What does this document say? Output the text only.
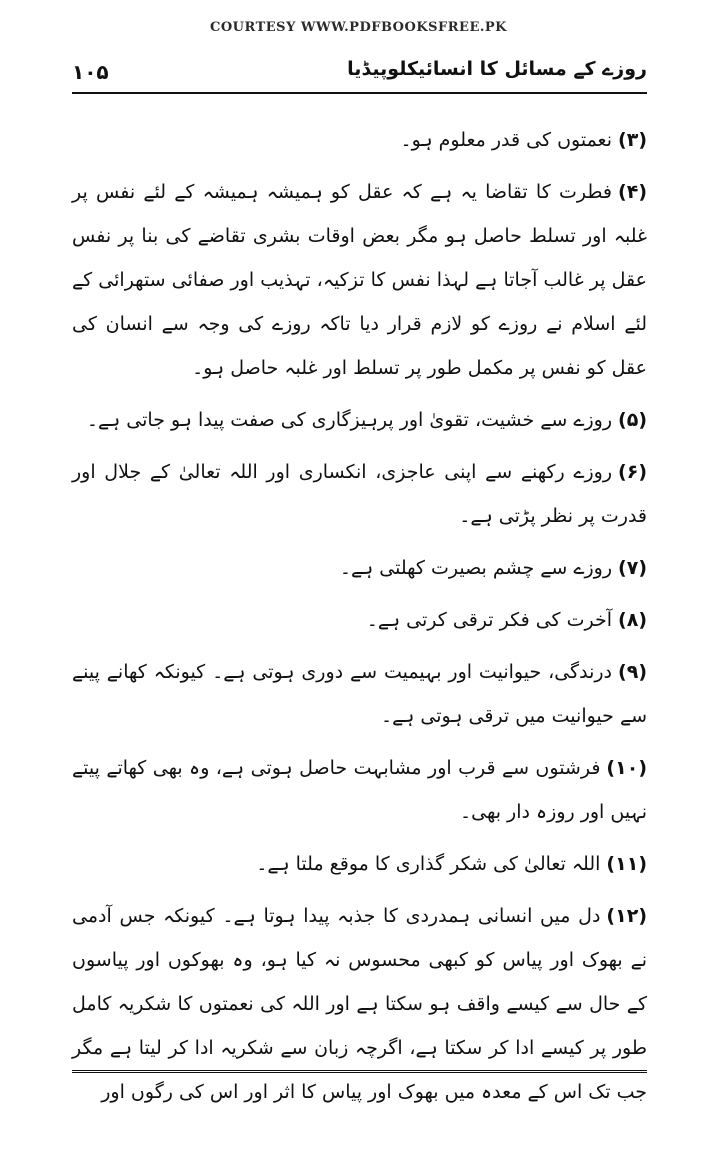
COURTESY WWW.PDFBOOKSFREE.PK
۱۰۵	روزے کے مسائل کا انسائیکلوپیڈیا

(۳)نعمتوں کی قدر معلوم ہو۔

(۴)فطرت کا تقاضا یہ ہے کہ عقل کو ہمیشہ ہمیشہ کے لئے نفس پر غلبہ اور تسلط حاصل ہو مگر بعض اوقات بشری تقاضے کی بنا پر نفس عقل پر غالب آجاتا ہے لہذا نفس کا تزکیہ، تہذیب اور صفائی ستھرائی کے لئے اسلام نے روزے کو لازم قرار دیا تاکہ روزے کی وجہ سے انسان کی عقل کو نفس پر مکمل طور پر تسلط اور غلبہ حاصل ہو۔

(۵)روزے سے خشیت، تقویٰ اور پرہیزگاری کی صفت پیدا ہو جاتی ہے۔

(۶)روزے رکھنے سے اپنی عاجزی، انکساری اور اللہ تعالیٰ کے جلال اور قدرت پر نظر پڑتی ہے۔

(۷)روزے سے چشم بصیرت کھلتی ہے۔

(۸)آخرت کی فکر ترقی کرتی ہے۔

(۹)درندگی، حیوانیت اور بہیمیت سے دوری ہوتی ہے۔ کیونکہ کھانے پینے سے حیوانیت میں ترقی ہوتی ہے۔

(۱۰)فرشتوں سے قرب اور مشابہت حاصل ہوتی ہے، وہ بھی کھاتے پیتے نہیں اور روزہ دار بھی۔

(۱۱)اللہ تعالیٰ کی شکر گذاری کا موقع ملتا ہے۔

(۱۲)دل میں انسانی ہمدردی کا جذبہ پیدا ہوتا ہے۔ کیونکہ جس آدمی نے بھوک اور پیاس کو کبھی محسوس نہ کیا ہو، وہ بھوکوں اور پیاسوں کے حال سے کیسے واقف ہو سکتا ہے اور اللہ کی نعمتوں کا شکریہ کامل طور پر کیسے ادا کر سکتا ہے، اگرچہ زبان سے شکریہ ادا کر لیتا ہے مگر جب تک اس کے معدہ میں بھوک اور پیاس کا اثر اور اس کی رگوں اور
